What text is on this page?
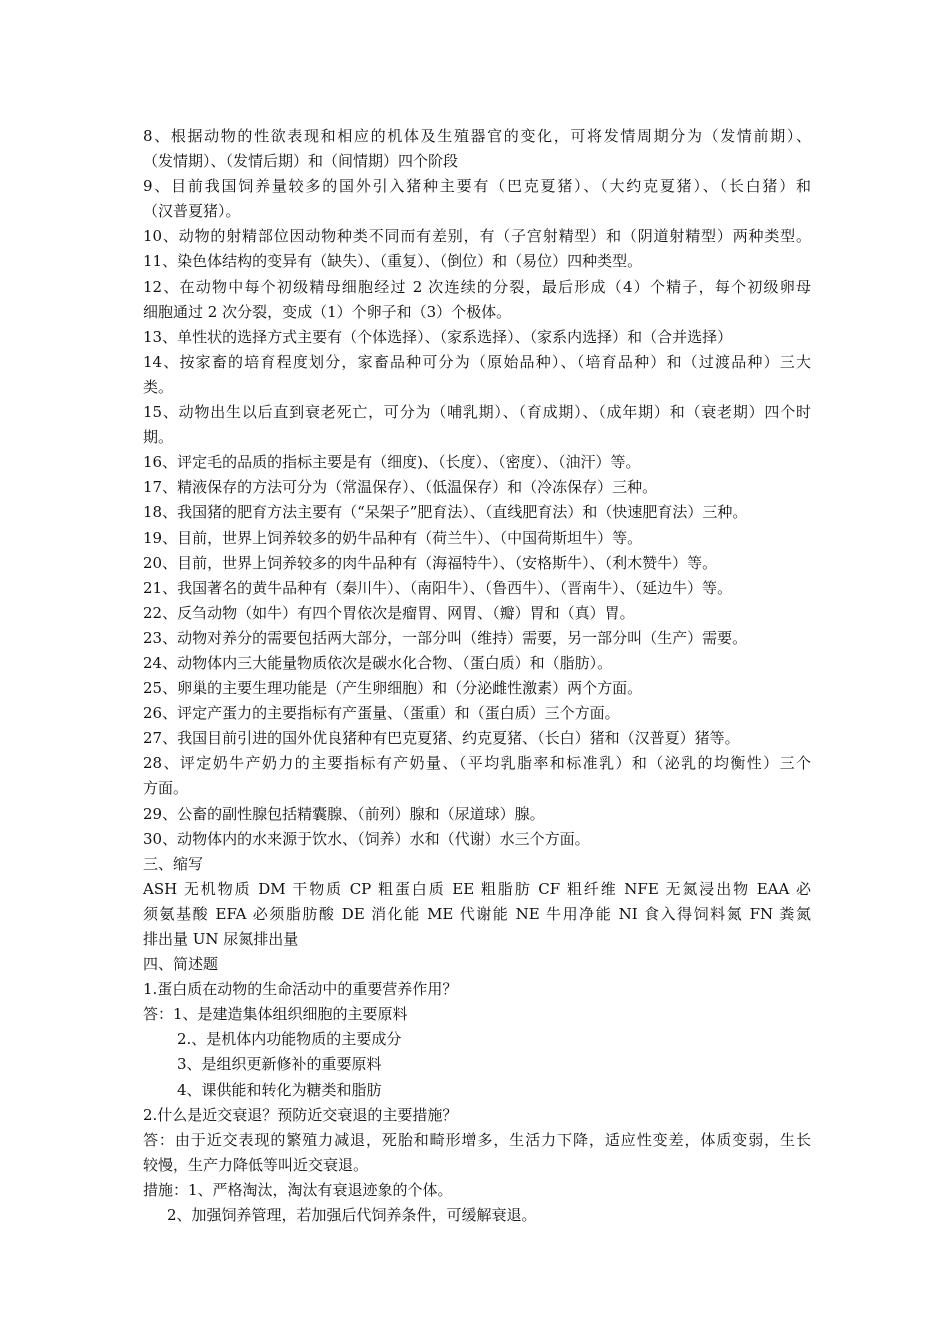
8、根据动物的性欲表现和相应的机体及生殖器官的变化，可将发情周期分为（发情前期）、
（发情期）、（发情后期）和（间情期）四个阶段
9、目前我国饲养量较多的国外引入猪种主要有（巴克夏猪）、（大约克夏猪）、（长白猪）和
（汉普夏猪）。
10、动物的射精部位因动物种类不同而有差别，有（子宫射精型）和（阴道射精型）两种类型。
11、染色体结构的变异有（缺失）、（重复）、（倒位）和（易位）四种类型。
12、在动物中每个初级精母细胞经过 2 次连续的分裂，最后形成（4）个精子，每个初级卵母
细胞通过 2 次分裂，变成（1）个卵子和（3）个极体。
13、单性状的选择方式主要有（个体选择）、（家系选择）、（家系内选择）和（合并选择）
14、按家畜的培育程度划分，家畜品种可分为（原始品种）、（培育品种）和（过渡品种）三大
类。
15、动物出生以后直到衰老死亡，可分为（哺乳期）、（育成期）、（成年期）和（衰老期）四个时
期。
16、评定毛的品质的指标主要是有（细度)、（长度）、（密度）、（油汗）等。
17、精液保存的方法可分为（常温保存）、（低温保存）和（冷冻保存）三种。
18、我国猪的肥育方法主要有（“呆架子”肥育法）、（直线肥育法）和（快速肥育法）三种。
19、目前，世界上饲养较多的奶牛品种有（荷兰牛）、（中国荷斯坦牛）等。
20、目前，世界上饲养较多的肉牛品种有（海福特牛）、（安格斯牛）、（利木赞牛）等。
21、我国著名的黄牛品种有（秦川牛）、（南阳牛）、（鲁西牛）、（晋南牛）、（延边牛）等。
22、反刍动物（如牛）有四个胃依次是瘤胃、网胃、（瓣）胃和（真）胃。
23、动物对养分的需要包括两大部分，一部分叫（维持）需要，另一部分叫（生产）需要。
24、动物体内三大能量物质依次是碳水化合物、（蛋白质）和（脂肪）。
25、卵巢的主要生理功能是（产生卵细胞）和（分泌雌性激素）两个方面。
26、评定产蛋力的主要指标有产蛋量、（蛋重）和（蛋白质）三个方面。
27、我国目前引进的国外优良猪种有巴克夏猪、约克夏猪、（长白）猪和（汉普夏）猪等。
28、评定奶牛产奶力的主要指标有产奶量、（平均乳脂率和标准乳）和（泌乳的均衡性）三个
方面。
29、公畜的副性腺包括精囊腺、（前列）腺和（尿道球）腺。
30、动物体内的水来源于饮水、（饲养）水和（代谢）水三个方面。
三、缩写
ASH 无机物质 DM 干物质 CP 粗蛋白质 EE 粗脂肪 CF 粗纤维 NFE 无氮浸出物 EAA 必
须氨基酸 EFA 必须脂肪酸 DE 消化能 ME 代谢能 NE 牛用净能 NI 食入得饲料氮 FN 粪氮
排出量 UN 尿氮排出量
四、简述题
1.蛋白质在动物的生命活动中的重要营养作用？
答：1、是建造集体组织细胞的主要原料
2.、是机体内功能物质的主要成分
3、是组织更新修补的重要原料
4、课供能和转化为糖类和脂肪
2.什么是近交衰退？预防近交衰退的主要措施？
答：由于近交表现的繁殖力减退，死胎和畸形增多，生活力下降，适应性变差，体质变弱，生长
较慢，生产力降低等叫近交衰退。
措施：1、严格淘汰，淘汰有衰退迹象的个体。
2、加强饲养管理，若加强后代饲养条件，可缓解衰退。
